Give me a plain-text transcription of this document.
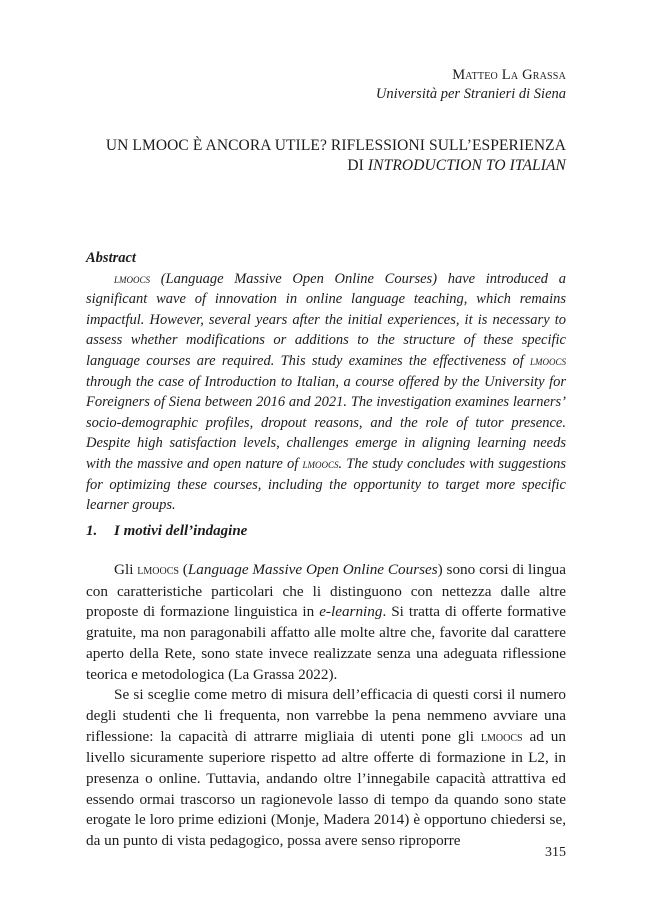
Matteo La Grassa
Università per Stranieri di Siena
UN LMOOC È ANCORA UTILE? RIFLESSIONI SULL’ESPERIENZA
DI INTRODUCTION TO ITALIAN
Abstract

lmoocs (Language Massive Open Online Courses) have introduced a significant wave of innovation in online language teaching, which remains impactful. However, several years after the initial experiences, it is necessary to assess whether modifications or additions to the structure of these specific language courses are required. This study examines the effectiveness of lmoocs through the case of Introduction to Italian, a course offered by the University for Foreigners of Siena between 2016 and 2021. The investigation examines learners’ socio-demographic profiles, dropout reasons, and the role of tutor presence. Despite high satisfaction levels, challenges emerge in aligning learning needs with the massive and open nature of lmoocs. The study concludes with suggestions for optimizing these courses, including the opportunity to target more specific learner groups.

1. I motivi dell’indagine

Gli lmoocs (Language Massive Open Online Courses) sono corsi di lingua con caratteristiche particolari che li distinguono con nettezza dalle altre proposte di formazione linguistica in e-learning. Si tratta di offerte formative gratuite, ma non paragonabili affatto alle molte altre che, favorite dal carattere aperto della Rete, sono state invece realizzate senza una adeguata riflessione teorica e metodologica (La Grassa 2022).

Se si sceglie come metro di misura dell’efficacia di questi corsi il numero degli studenti che li frequenta, non varrebbe la pena nemmeno avviare una riflessione: la capacità di attrarre migliaia di utenti pone gli lmoocs ad un livello sicuramente superiore rispetto ad altre offerte di formazione in L2, in presenza o online. Tuttavia, andando oltre l’innegabile capacità attrattiva ed essendo ormai trascorso un ragionevole lasso di tempo da quando sono state erogate le loro prime edizioni (Monje, Madera 2014) è opportuno chiedersi se, da un punto di vista pedagogico, possa avere senso riproporre

315
